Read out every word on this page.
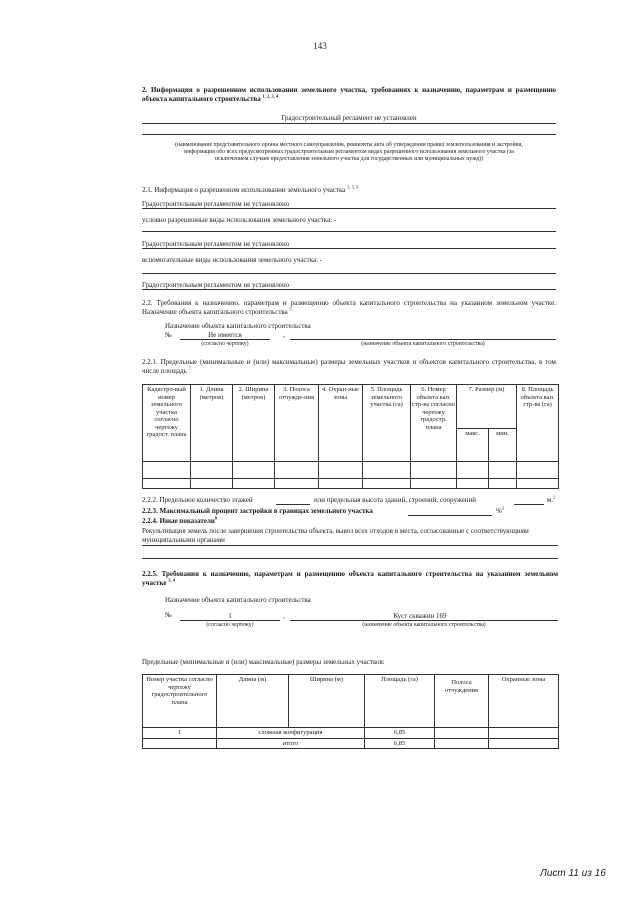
143
2. Информация о разрешенном использовании земельного участка, требованиях к назначению, параметрам и размещению объекта капитального строительства $^{1, 2, 3, 4}$
Градостроительный регламент не установлен
(наименование представительного органа местного самоуправления, реквизиты акта об утверждении правил землепользования и застройки, информация обо всех предусмотренных градостроительным регламентом видах разрешенного использования земельного участка (за исключением случаев предоставления земельного участка для государственных или муниципальных нужд))
2.1. Информация о разрешенном использовании земельного участка $^{3, 5, 6}$
Градостроительным регламентом не установлено
условно разрешенные виды использования земельного участка: -
Градостроительным регламентом не установлено
вспомогательные виды использования земельного участка: -
Градостроительным регламентом не установлено
2.2. Требования к назначению, параметрам и размещению объекта капитального строительства на указанном земельном участке. Назначение объекта капитального строительства $^5$
Назначение объекта капитального строительства
№	Не имеется	,
(согласно чертежу)	(назначение объекта капитального строительства)
2.2.1. Предельные (минимальные и (или) максимальные) размеры земельных участков и объектов капитального строительства, в том числе площадь $^7$
Кадастро-вый номер земельного участка согласно чертежу градост. плана	1. Длина (метров)	2. Ширина (метров)	3. Полоса отчужде-ния	4. Охран-ные зоны	5. Площадь земельного участка (га)	6. Номер объекта кап. стр-ва согласно чертежу градостр. плана	7. Размер (м)		8. Площадь объекта кап. стр-ва (га)
							макс.	мин.	

2.2.2. Предельное количество этажей	или предельная высота зданий, строений, сооружений	м.$^2$
2.2.3. Максимальный процент застройки в границах земельного участка	%$^2$
2.2.4. Иные показатели$^8$
Рекультивация земель после завершения строительства объекта, вывоз всех отходов в места, согласованные с соответствующими муниципальными органами
2.2.5. Требования к назначению, параметрам и размещению объекта капитального строительства на указанном земельном участке $^{3, 4}$
Назначение объекта капитального строительства
№	1	,	Куст скважин 169
(согласно чертежу)	(назначение объекта капитального строительства)
Предельные (минимальные и (или) максимальные) размеры земельных участков:
Номер участка согласно чертежу градостроительного плана	Длина (м)	Ширина (м)	Площадь (га)	Полоса отчуждения	Охранные зоны
1	сложная конфигурация		6,85		
	итого		6,85		
Лист 11 из 16
